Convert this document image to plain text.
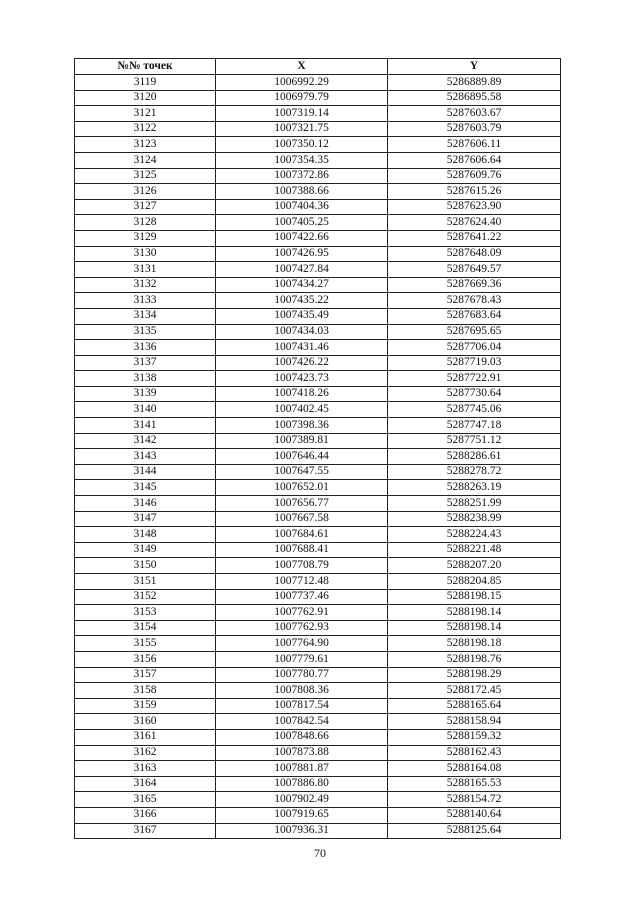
№№ точек	X	Y
3119	1006992.29	5286889.89
3120	1006979.79	5286895.58
3121	1007319.14	5287603.67
3122	1007321.75	5287603.79
3123	1007350.12	5287606.11
3124	1007354.35	5287606.64
3125	1007372.86	5287609.76
3126	1007388.66	5287615.26
3127	1007404.36	5287623.90
3128	1007405.25	5287624.40
3129	1007422.66	5287641.22
3130	1007426.95	5287648.09
3131	1007427.84	5287649.57
3132	1007434.27	5287669.36
3133	1007435.22	5287678.43
3134	1007435.49	5287683.64
3135	1007434.03	5287695.65
3136	1007431.46	5287706.04
3137	1007426.22	5287719.03
3138	1007423.73	5287722.91
3139	1007418.26	5287730.64
3140	1007402.45	5287745.06
3141	1007398.36	5287747.18
3142	1007389.81	5287751.12
3143	1007646.44	5288286.61
3144	1007647.55	5288278.72
3145	1007652.01	5288263.19
3146	1007656.77	5288251.99
3147	1007667.58	5288238.99
3148	1007684.61	5288224.43
3149	1007688.41	5288221.48
3150	1007708.79	5288207.20
3151	1007712.48	5288204.85
3152	1007737.46	5288198.15
3153	1007762.91	5288198.14
3154	1007762.93	5288198.14
3155	1007764.90	5288198.18
3156	1007779.61	5288198.76
3157	1007780.77	5288198.29
3158	1007808.36	5288172.45
3159	1007817.54	5288165.64
3160	1007842.54	5288158.94
3161	1007848.66	5288159.32
3162	1007873.88	5288162.43
3163	1007881.87	5288164.08
3164	1007886.80	5288165.53
3165	1007902.49	5288154.72
3166	1007919.65	5288140.64
3167	1007936.31	5288125.64
70
